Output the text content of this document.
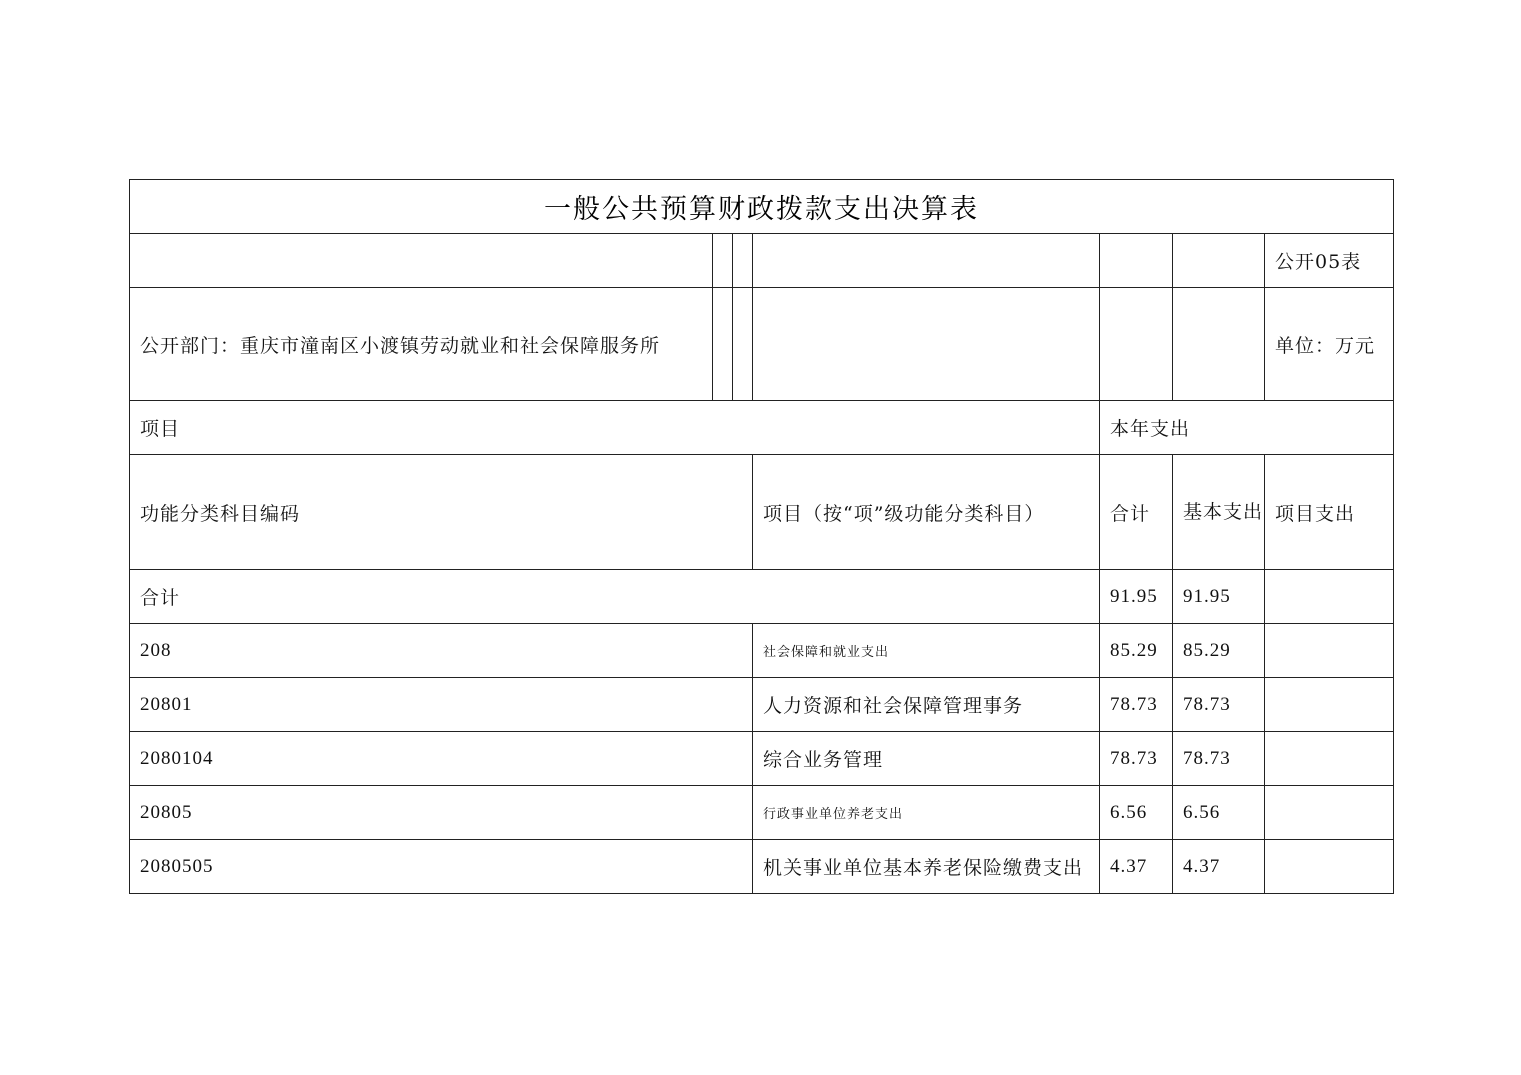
一般公共预算财政拨款支出决算表						
						公开05表
公开部门：重庆市潼南区小渡镇劳动就业和社会保障服务所						单位：万元
项目				本年支出		
功能分类科目编码			项目（按“项”级功能分类科目）	合计	基本支出	项目支出
合计				91.95	91.95	
208			社会保障和就业支出	85.29	85.29	
20801			人力资源和社会保障管理事务	78.73	78.73	
2080104			综合业务管理	78.73	78.73	
20805			行政事业单位养老支出	6.56	6.56	
2080505			机关事业单位基本养老保险缴费支出	4.37	4.37	
